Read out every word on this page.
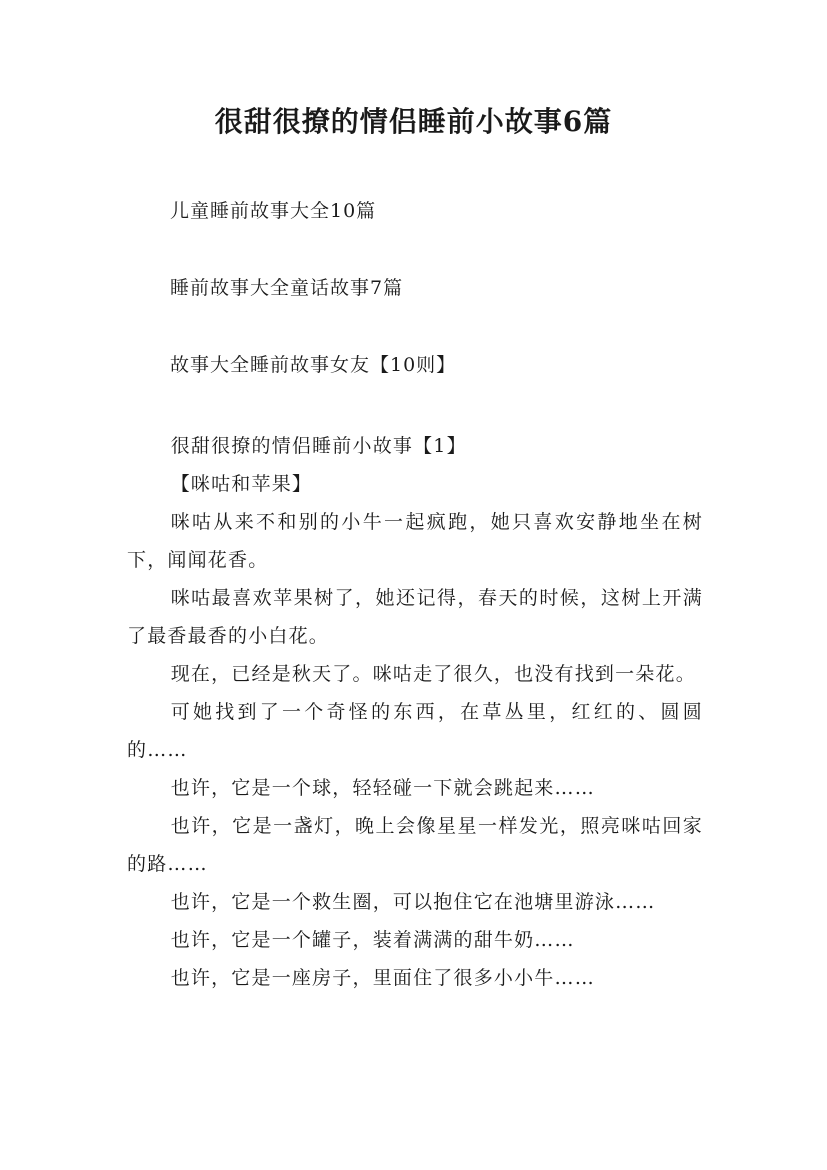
很甜很撩的情侣睡前小故事6篇
儿童睡前故事大全10篇
睡前故事大全童话故事7篇
故事大全睡前故事女友【10则】

很甜很撩的情侣睡前小故事【1】

【咪咕和苹果】

咪咕从来不和别的小牛一起疯跑，她只喜欢安静地坐在树下，闻闻花香。

咪咕最喜欢苹果树了，她还记得，春天的时候，这树上开满了最香最香的小白花。

现在，已经是秋天了。咪咕走了很久，也没有找到一朵花。

可她找到了一个奇怪的东西，在草丛里，红红的、圆圆的……

也许，它是一个球，轻轻碰一下就会跳起来……

也许，它是一盏灯，晚上会像星星一样发光，照亮咪咕回家的路……

也许，它是一个救生圈，可以抱住它在池塘里游泳……

也许，它是一个罐子，装着满满的甜牛奶……

也许，它是一座房子，里面住了很多小小牛……
